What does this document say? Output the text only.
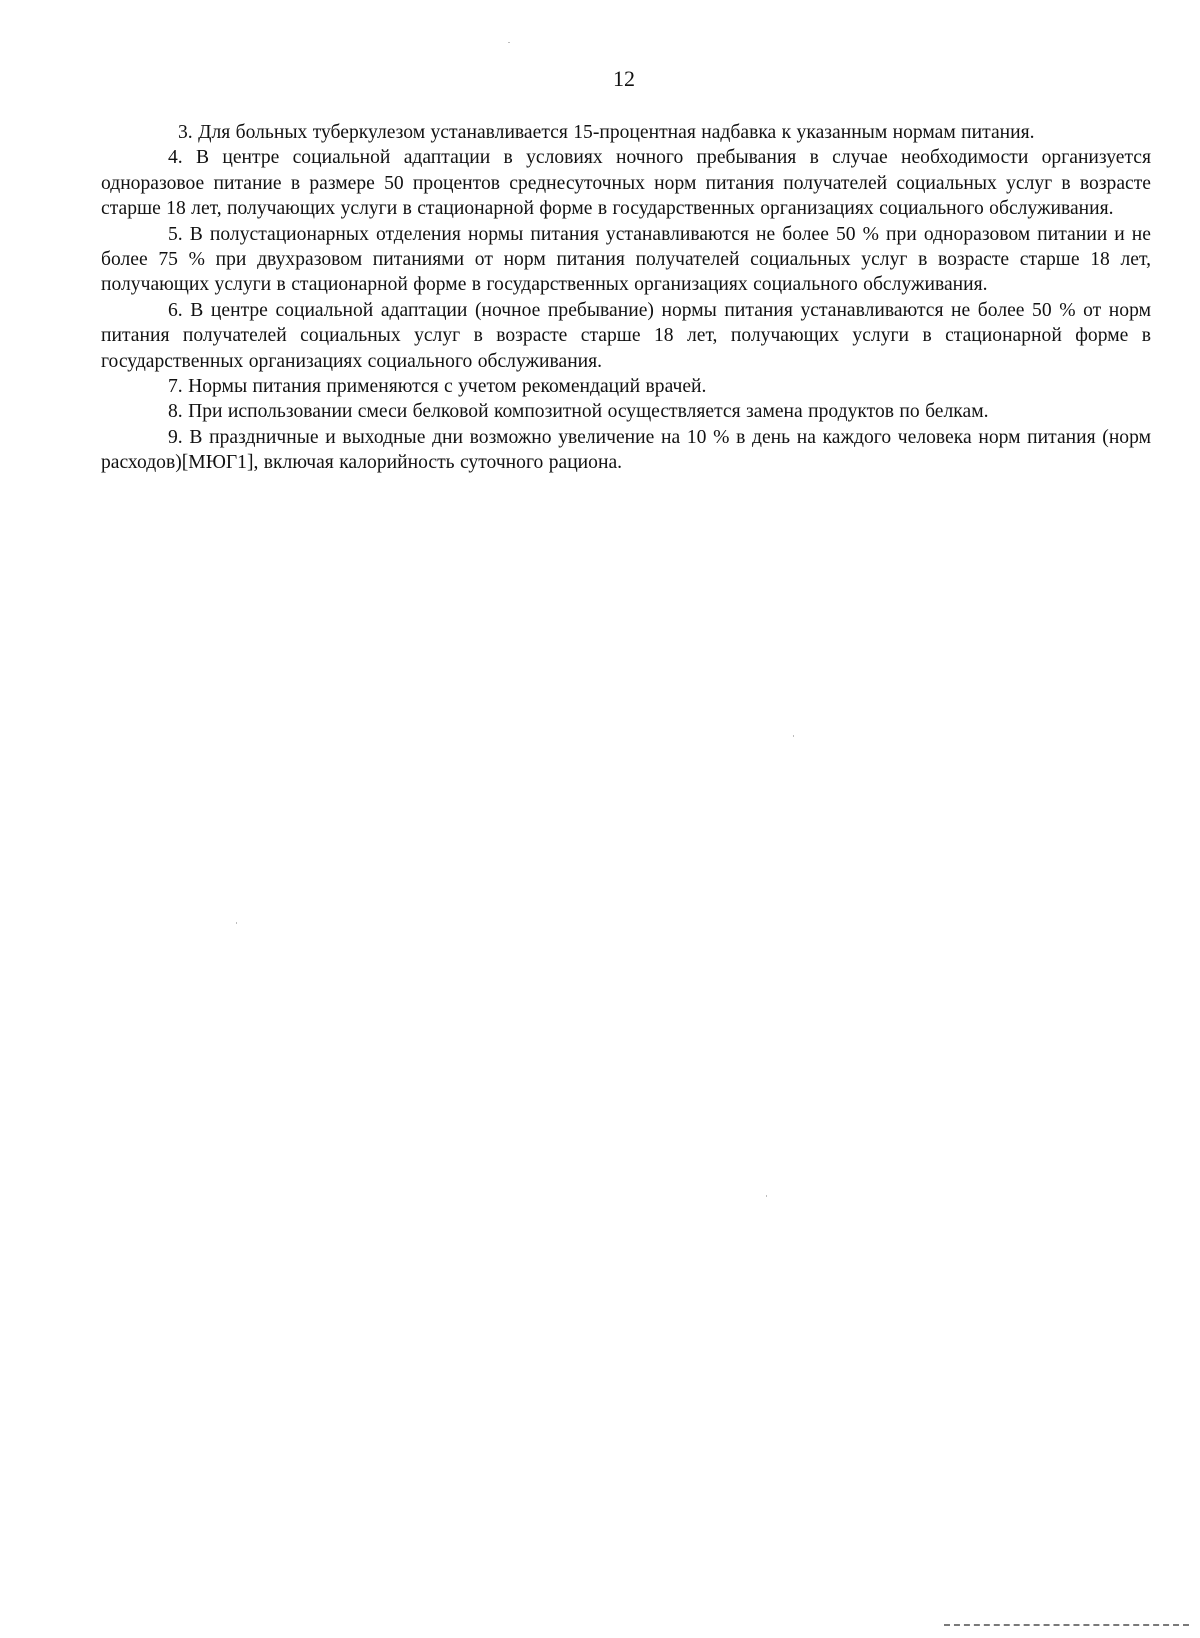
12

3. Для больных туберкулезом устанавливается 15-процентная надбавка к указанным нормам питания.

4. В центре социальной адаптации в условиях ночного пребывания в случае необходимости организуется одноразовое питание в размере 50 процентов среднесуточных норм питания получателей социальных услуг в возрасте старше 18 лет, получающих услуги в стационарной форме в государственных организациях социального обслуживания.

5. В полустационарных отделения нормы питания устанавливаются не более 50 % при одноразовом питании и не более 75 % при двухразовом питаниями от норм питания получателей социальных услуг в возрасте старше 18 лет, получающих услуги в стационарной форме в государственных организациях социального обслуживания.

6. В центре социальной адаптации (ночное пребывание) нормы питания устанавливаются не более 50 % от норм питания получателей социальных услуг в возрасте старше 18 лет, получающих услуги в стационарной форме в государственных организациях социального обслуживания.

7. Нормы питания применяются с учетом рекомендаций врачей.

8. При использовании смеси белковой композитной осуществляется замена продуктов по белкам.

9. В праздничные и выходные дни возможно увеличение на 10 % в день на каждого человека норм питания (норм расходов)[МЮГ1], включая калорийность суточного рациона.
